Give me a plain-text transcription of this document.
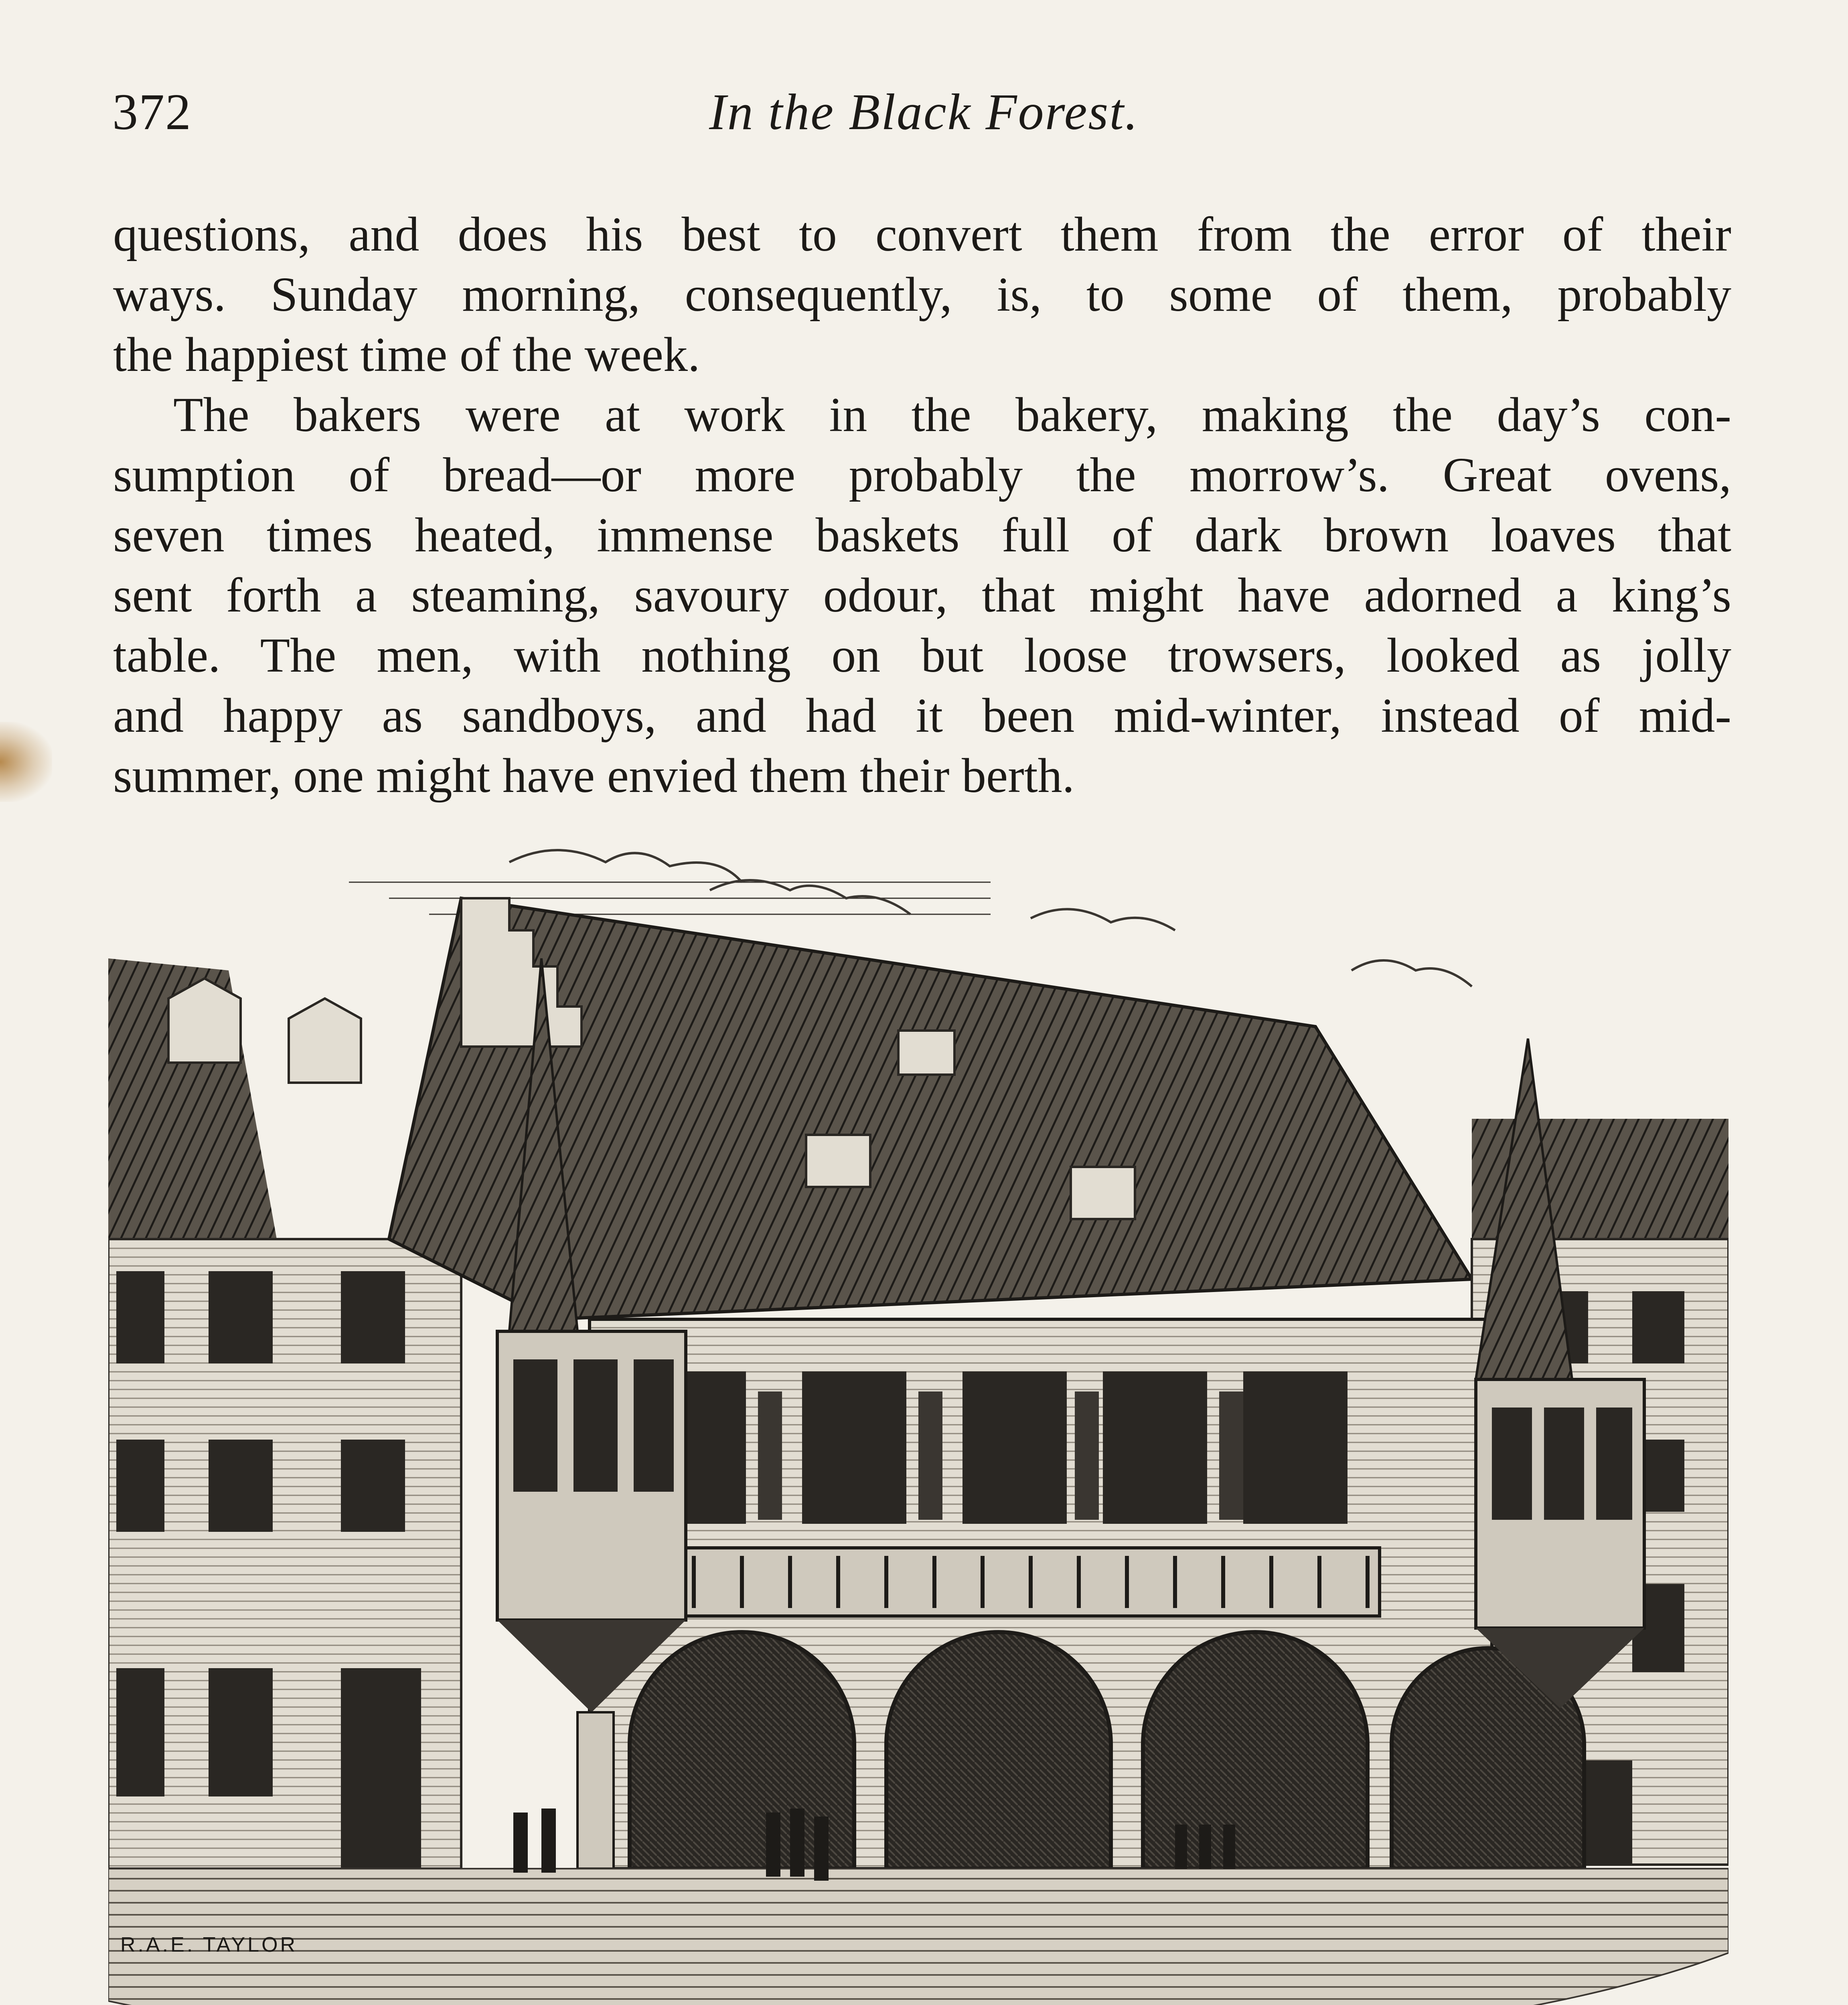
372	In the Black Forest.
questions, and does his best to convert them from the error of their
ways. Sunday morning, consequently, is, to some of them, probably
the happiest time of the week.
The bakers were at work in the bakery, making the day’s con-
sumption of bread—or more probably the morrow’s. Great ovens,
seven times heated, immense baskets full of dark brown loaves that
sent forth a steaming, savoury odour, that might have adorned a king’s
table. The men, with nothing on but loose trowsers, looked as jolly
and happy as sandboys, and had it been mid-winter, instead of mid-
summer, one might have envied them their berth.
R.A.E. TAYLOR
